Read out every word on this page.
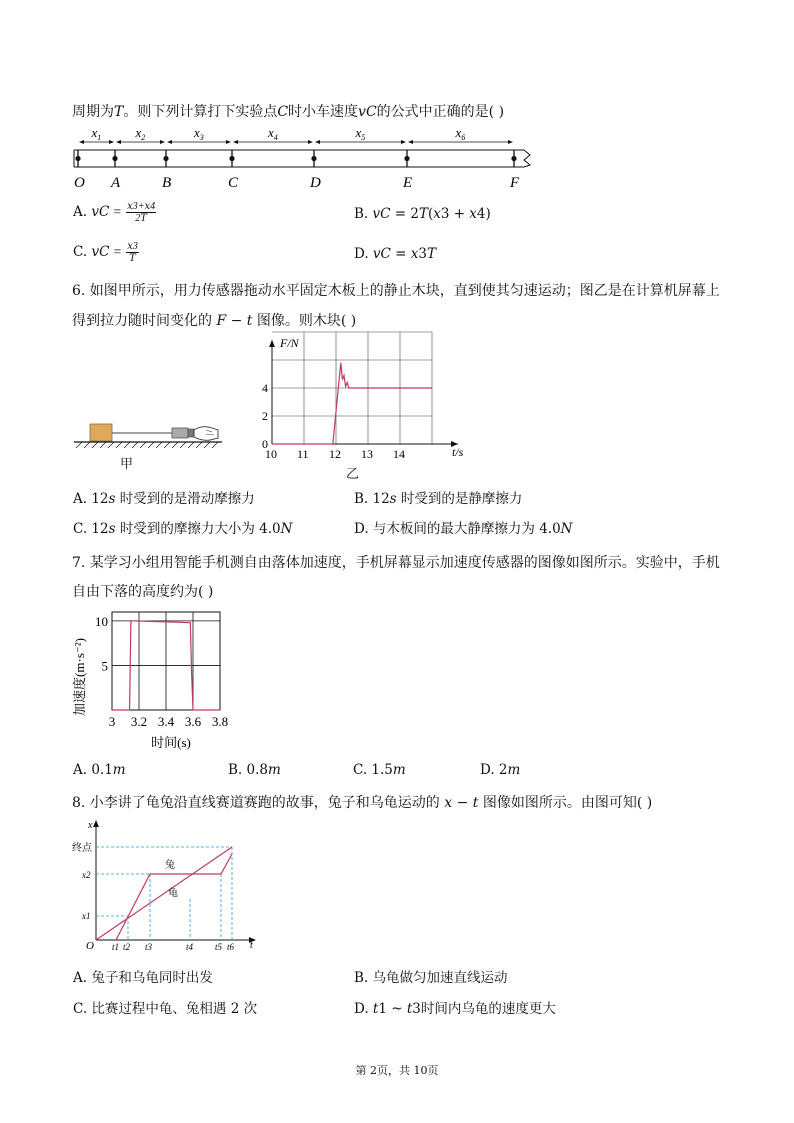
周期为𝑇。则下列计算打下实验点𝐶时小车速度𝑣𝐶的公式中正确的是( )
O A	B	C	D	E	F
$x_1$	$x_2$	$x_3$	$x_4$	$x_5$	$x_6$
A. 𝑣𝐶 = $\frac{\text{𝑥3+𝑥4}}{\text{2𝑇}}$	B. 𝑣𝐶 = 2𝑇(𝑥3 + 𝑥4)
C. 𝑣𝐶 = $\frac{\text{𝑥3}}{\text{𝑇}}$	D. 𝑣𝐶 = 𝑥3𝑇
6. 如图甲所示，用力传感器拖动水平固定木板上的静止木块，直到使其匀速运动；图乙是在计算机屏幕上
得到拉力随时间变化的 𝐹 − 𝑡 图像。则木块( )
甲
F/N
t/s
10 11 12 13 14
0
2
4
乙
A. 12𝑠 时受到的是滑动摩擦力	B. 12𝑠 时受到的是静摩擦力
C. 12𝑠 时受到的摩擦力大小为 4.0𝑁	D. 与木板间的最大静摩擦力为 4.0𝑁
7. 某学习小组用智能手机测自由落体加速度，手机屏幕显示加速度传感器的图像如图所示。实验中，手机
自由下落的高度约为( )
加速度(m·s⁻²)
3 3.2 3.4 3.6 3.8
5
10
时间(s)
A. 0.1𝑚	B. 0.8𝑚	C. 1.5𝑚	D. 2𝑚
8. 小李讲了龟兔沿直线赛道赛跑的故事，兔子和乌龟运动的 𝑥 − 𝑡 图像如图所示。由图可知( )
x
t
O
终点
x2
x1
兔
龟
t1 t2 t3	t4 t5 t6
A. 兔子和乌龟同时出发	B. 乌龟做匀加速直线运动
C. 比赛过程中龟、兔相遇 2 次	D. 𝑡1 ~ 𝑡3时间内乌龟的速度更大
第 2页，共 10页
